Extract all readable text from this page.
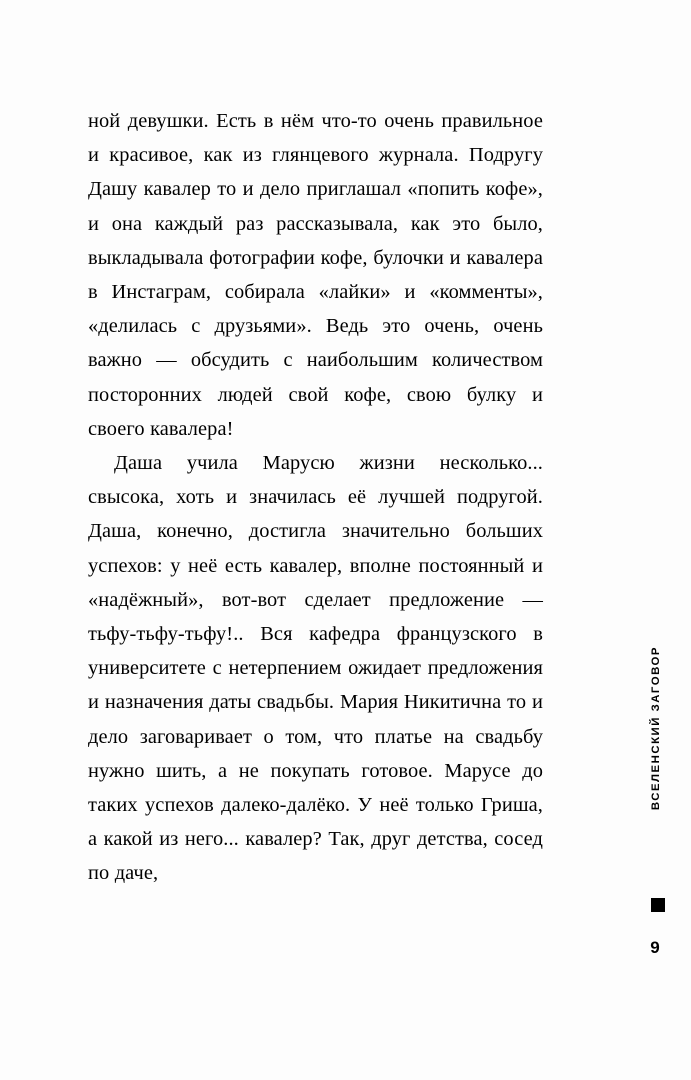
ной девушки. Есть в нём что-то очень правильное и красивое, как из глянцевого журнала. Подругу Дашу кавалер то и дело приглашал «попить кофе», и она каждый раз рассказывала, как это было, выкладывала фотографии кофе, булочки и кавалера в Инстаграм, собирала «лайки» и «комменты», «делилась с друзьями». Ведь это очень, очень важно — обсудить с наибольшим количеством посторонних людей свой кофе, свою булку и своего кавалера!

Даша учила Марусю жизни несколько... свысока, хоть и значилась её лучшей подругой. Даша, конечно, достигла значительно больших успехов: у неё есть кавалер, вполне постоянный и «надёжный», вот-вот сделает предложение — тьфу-тьфу-тьфу!.. Вся кафедра французского в университете с нетерпением ожидает предложения и назначения даты свадьбы. Мария Никитична то и дело заговаривает о том, что платье на свадьбу нужно шить, а не покупать готовое. Марусе до таких успехов далеко-далёко. У неё только Гриша, а какой из него... кавалер? Так, друг детства, сосед по даче,

ВСЕЛЕНСКИЙ ЗАГОВОР
9
